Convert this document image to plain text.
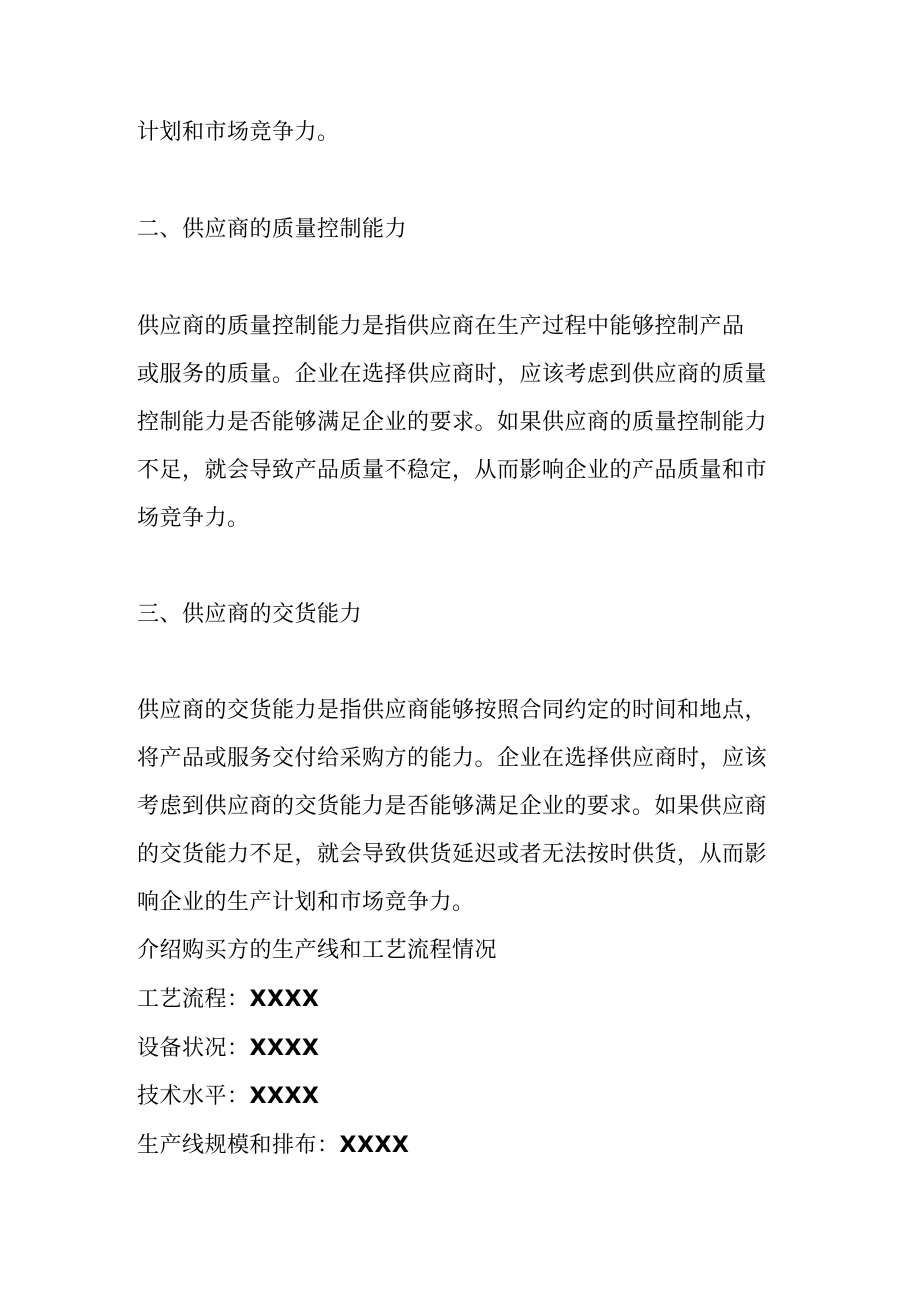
计划和市场竞争力。
二、供应商的质量控制能力
供应商的质量控制能力是指供应商在生产过程中能够控制产品
或服务的质量。企业在选择供应商时，应该考虑到供应商的质量
控制能力是否能够满足企业的要求。如果供应商的质量控制能力
不足，就会导致产品质量不稳定，从而影响企业的产品质量和市
场竞争力。
三、供应商的交货能力
供应商的交货能力是指供应商能够按照合同约定的时间和地点，
将产品或服务交付给采购方的能力。企业在选择供应商时，应该
考虑到供应商的交货能力是否能够满足企业的要求。如果供应商
的交货能力不足，就会导致供货延迟或者无法按时供货，从而影
响企业的生产计划和市场竞争力。
介绍购买方的生产线和工艺流程情况
工艺流程：XXXX
设备状况：XXXX
技术水平：XXXX
生产线规模和排布：XXXX
